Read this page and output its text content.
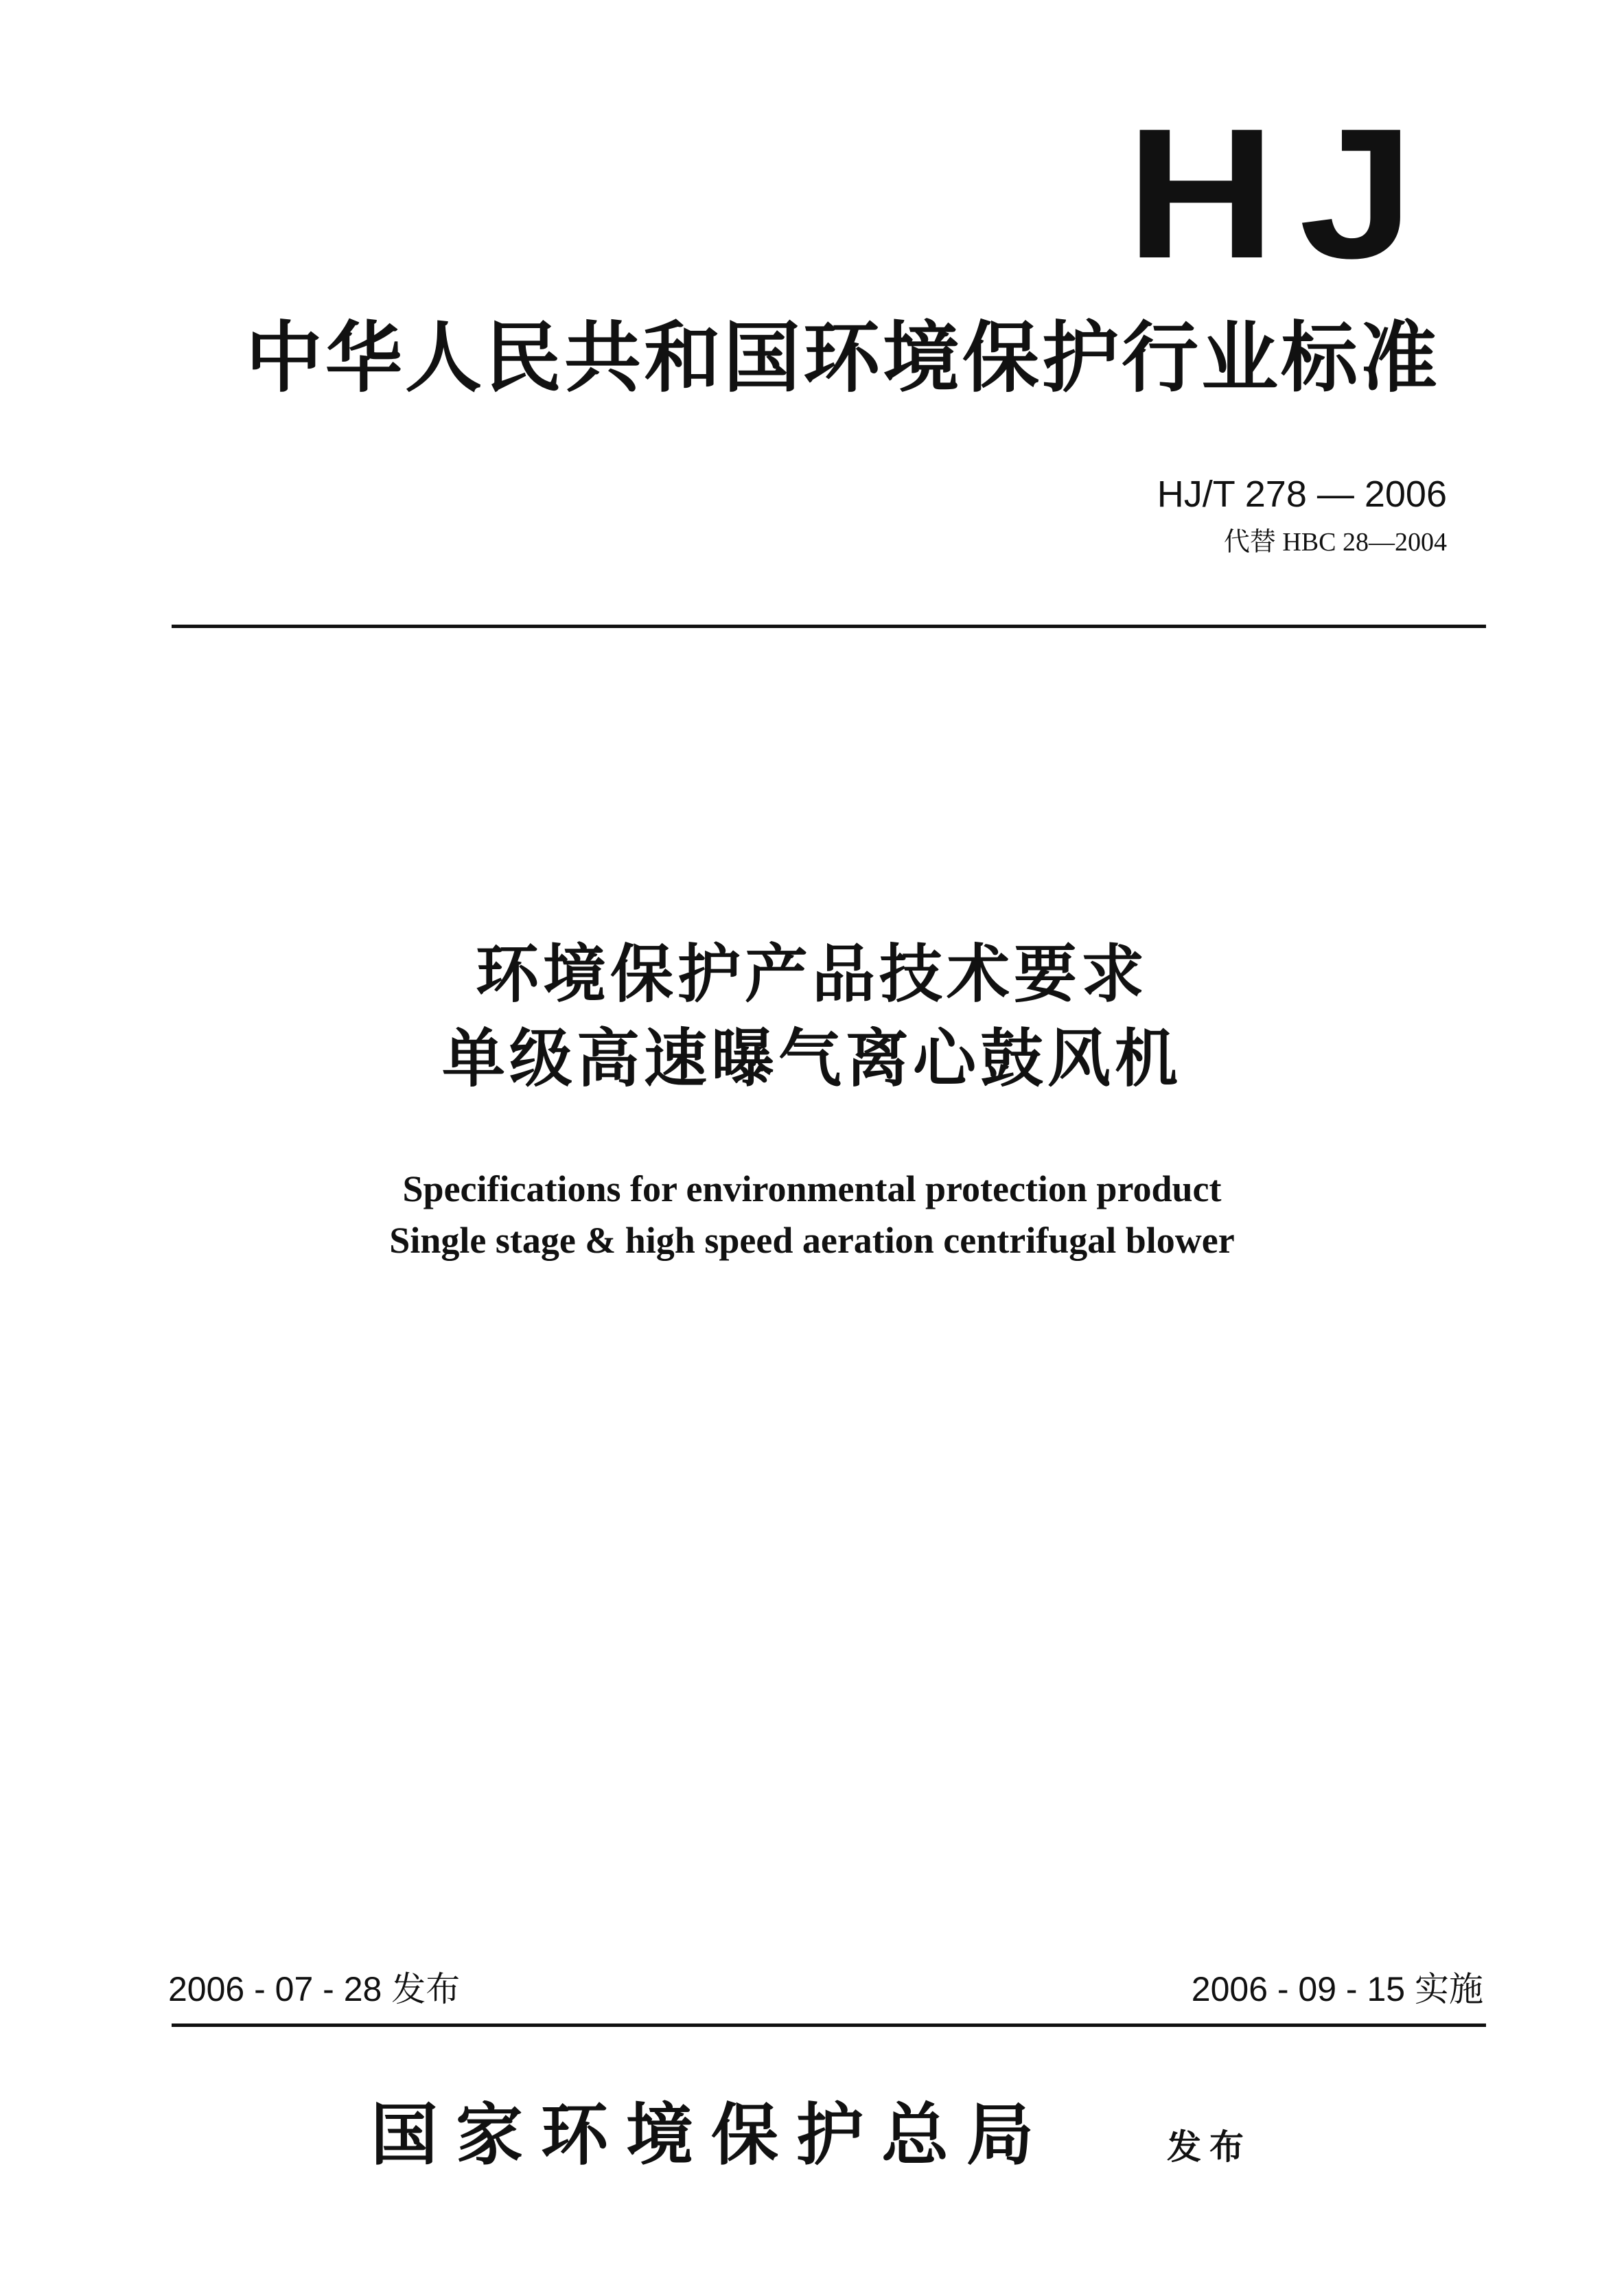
HJ
中华人民共和国环境保护行业标准
HJ/T 278 — 2006
代替 HBC 28—2004
环境保护产品技术要求
单级高速曝气离心鼓风机
Specifications for environmental protection product
Single stage & high speed aeration centrifugal blower
2006 - 07 - 28 发布	2006 - 09 - 15 实施
国家环境保护总局	发布
